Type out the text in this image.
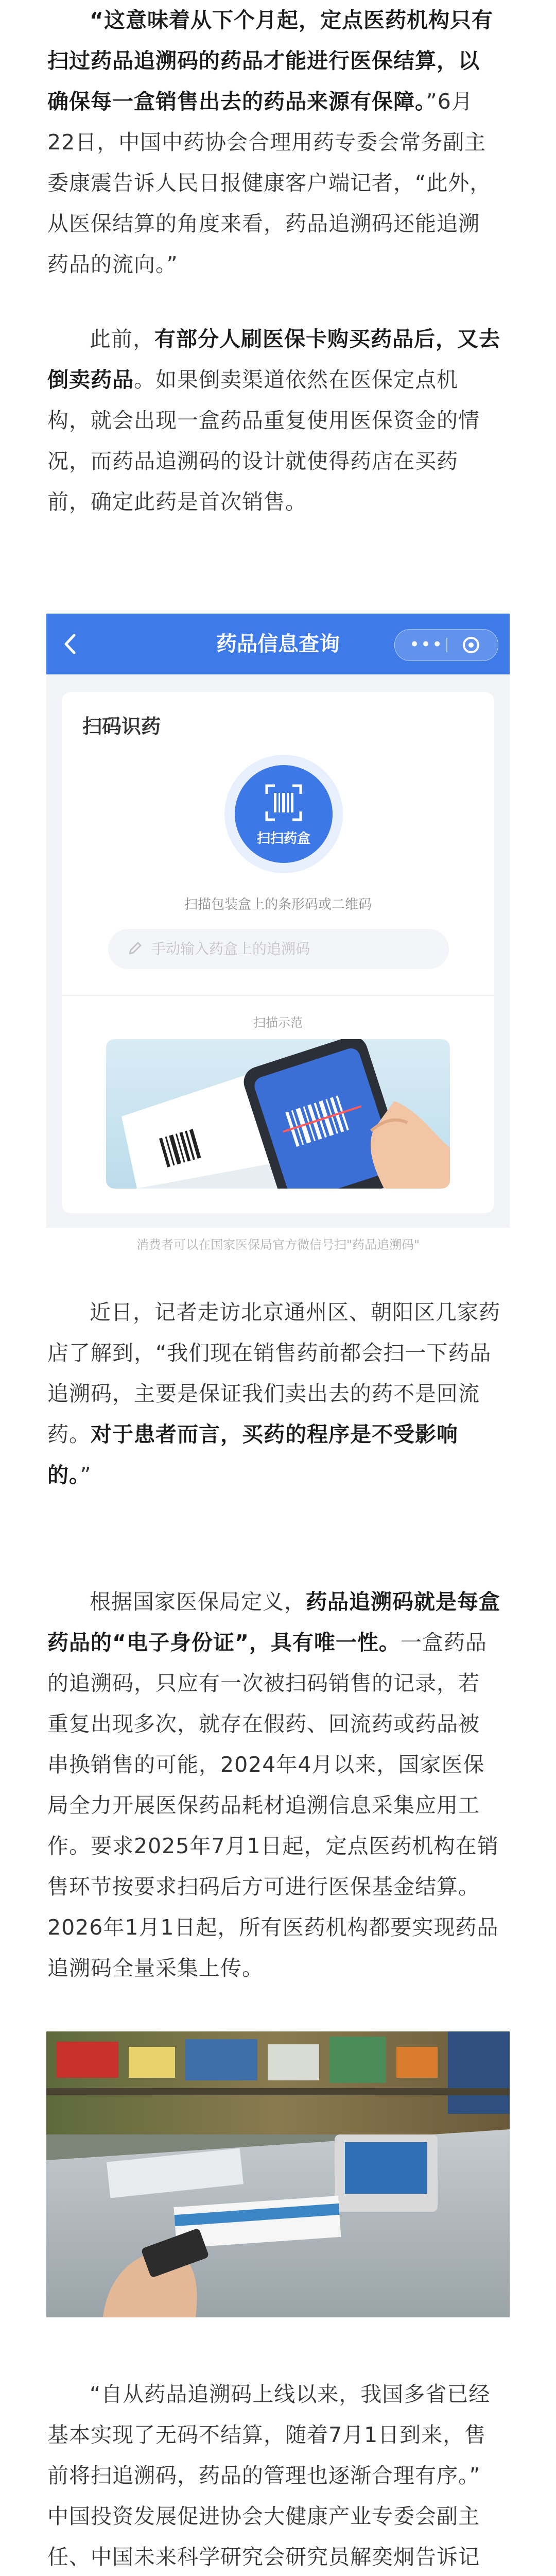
“这意味着从下个月起，定点医药机构只有
扫过药品追溯码的药品才能进行医保结算，以
确保每一盒销售出去的药品来源有保障。”6月
22日，中国中药协会合理用药专委会常务副主
委康震告诉人民日报健康客户端记者，“此外，
从医保结算的角度来看，药品追溯码还能追溯
药品的流向。”

此前，有部分人刷医保卡购买药品后，又去
倒卖药品。如果倒卖渠道依然在医保定点机
构，就会出现一盒药品重复使用医保资金的情
况，而药品追溯码的设计就使得药店在买药
前，确定此药是首次销售。

药品信息查询	•••
扫码识药
扫扫药盒
扫描包装盒上的条形码或二维码
手动输入药盒上的追溯码
扫描示范

消费者可以在国家医保局官方微信号扫"药品追溯码"

近日，记者走访北京通州区、朝阳区几家药
店了解到，“我们现在销售药前都会扫一下药品
追溯码，主要是保证我们卖出去的药不是回流
药。对于患者而言，买药的程序是不受影响
的。”

根据国家医保局定义，药品追溯码就是每盒
药品的“电子身份证”，具有唯一性。一盒药品
的追溯码，只应有一次被扫码销售的记录，若
重复出现多次，就存在假药、回流药或药品被
串换销售的可能，2024年4月以来，国家医保
局全力开展医保药品耗材追溯信息采集应用工
作。要求2025年7月1日起，定点医药机构在销
售环节按要求扫码后方可进行医保基金结算。
2026年1月1日起，所有医药机构都要实现药品
追溯码全量采集上传。

“自从药品追溯码上线以来，我国多省已经
基本实现了无码不结算，随着7月1日到来，售
前将扫追溯码，药品的管理也逐渐合理有序。”
中国投资发展促进协会大健康产业专委会副主
任、中国未来科学研究会研究员解奕炯告诉记
